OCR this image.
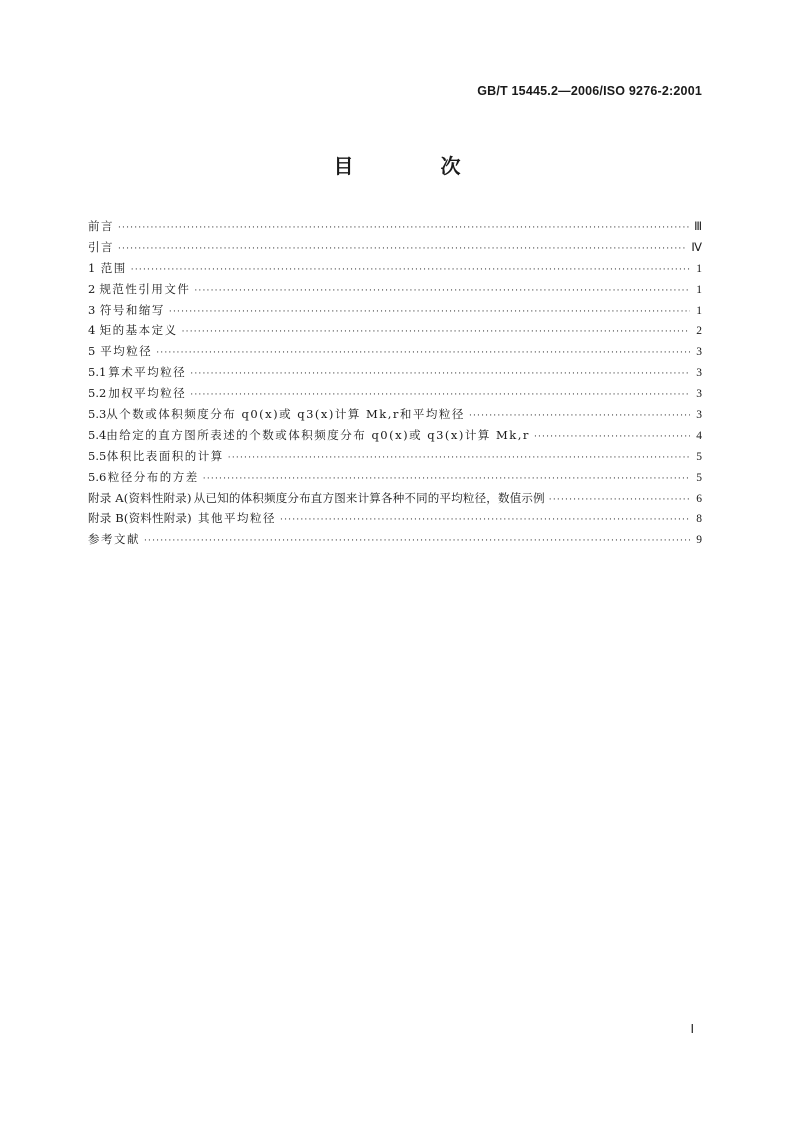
GB/T 15445.2—2006/ISO 9276-2:2001
目 次
前言 ·····	Ⅲ
引言 ·····	Ⅳ
1 范围 ·····	1
2 规范性引用文件 ·····	1
3 符号和缩写 ·····	1
4 矩的基本定义 ·····	2
5 平均粒径 ·····	3
5.1 算术平均粒径 ·····	3
5.2 加权平均粒径 ·····	3
5.3 从个数或体积频度分布 q0(x)或 q3(x)计算 Mk,r和平均粒径 ·····	3
5.4 由给定的直方图所表述的个数或体积频度分布 q0(x)或 q3(x)计算 Mk,r ·····	4
5.5 体积比表面积的计算 ·····	5
5.6 粒径分布的方差 ·····	5
附录 A(资料性附录) 从已知的体积频度分布直方图来计算各种不同的平均粒径，数值示例 ·····	6
附录 B(资料性附录) 其他平均粒径 ·····	8
参考文献 ·····	9
Ⅰ
